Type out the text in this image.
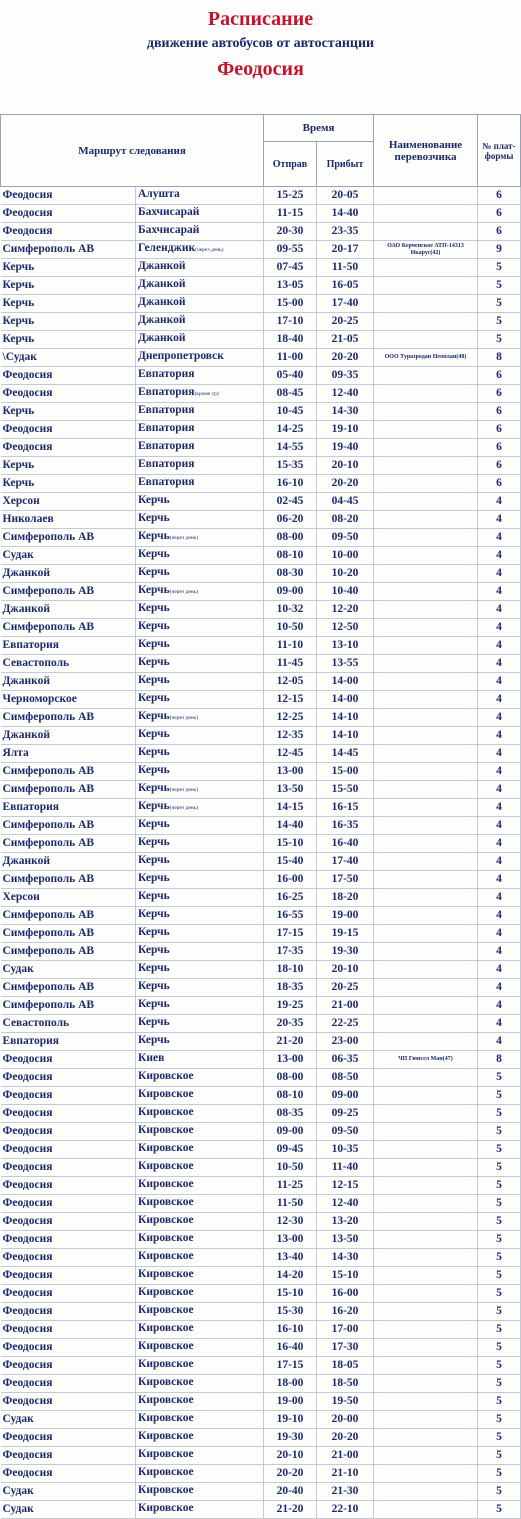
Расписание
движение автобусов от автостанции
Феодосия
Маршрут следования		Время		Наименование перевозчика	№ плат-формы
		Отправ	Прибыт		
Феодосия	Алушта	15-25	20-05		6
Феодосия	Бахчисарай	11-15	14-40		6
Феодосия	Бахчисарай	20-30	23-35		6
Симферополь АВ	Геленджик(через день)	09-55	20-17	ОАО Керченское АТП-14313 Икарус(42)	9
Керчь	Джанкой	07-45	11-50		5
Керчь	Джанкой	13-05	16-05		5
Керчь	Джанкой	15-00	17-40		5
Керчь	Джанкой	17-10	20-25		5
Керчь	Джанкой	18-40	21-05		5
\Судак	Днепропетровск	11-00	20-20	ООО Туразродан Неоплан(48)	8
Феодосия	Евпатория	05-40	09-35		6
Феодосия	Евпатория(кроме ср)	08-45	12-40		6
Керчь	Евпатория	10-45	14-30		6
Феодосия	Евпатория	14-25	19-10		6
Феодосия	Евпатория	14-55	19-40		6
Керчь	Евпатория	15-35	20-10		6
Керчь	Евпатория	16-10	20-20		6
Херсон	Керчь	02-45	04-45		4
Николаев	Керчь	06-20	08-20		4
Симферополь АВ	Керчь(через день)	08-00	09-50		4
Судак	Керчь	08-10	10-00		4
Джанкой	Керчь	08-30	10-20		4
Симферополь АВ	Керчь(через день)	09-00	10-40		4
Джанкой	Керчь	10-32	12-20		4
Симферополь АВ	Керчь	10-50	12-50		4
Евпатория	Керчь	11-10	13-10		4
Севастополь	Керчь	11-45	13-55		4
Джанкой	Керчь	12-05	14-00		4
Черноморское	Керчь	12-15	14-00		4
Симферополь АВ	Керчь(через день)	12-25	14-10		4
Джанкой	Керчь	12-35	14-10		4
Ялта	Керчь	12-45	14-45		4
Симферополь АВ	Керчь	13-00	15-00		4
Симферополь АВ	Керчь(через день)	13-50	15-50		4
Евпатория	Керчь(через день)	14-15	16-15		4
Симферополь АВ	Керчь	14-40	16-35		4
Симферополь АВ	Керчь	15-10	16-40		4
Джанкой	Керчь	15-40	17-40		4
Симферополь АВ	Керчь	16-00	17-50		4
Херсон	Керчь	16-25	18-20		4
Симферополь АВ	Керчь	16-55	19-00		4
Симферополь АВ	Керчь	17-15	19-15		4
Симферополь АВ	Керчь	17-35	19-30		4
Судак	Керчь	18-10	20-10		4
Симферополь АВ	Керчь	18-35	20-25		4
Симферополь АВ	Керчь	19-25	21-00		4
Севастополь	Керчь	20-35	22-25		4
Евпатория	Керчь	21-20	23-00		4
Феодосия	Киев	13-00	06-35	ЧП Гюнсел Ман(47)	8
Феодосия	Кировское	08-00	08-50		5
Феодосия	Кировское	08-10	09-00		5
Феодосия	Кировское	08-35	09-25		5
Феодосия	Кировское	09-00	09-50		5
Феодосия	Кировское	09-45	10-35		5
Феодосия	Кировское	10-50	11-40		5
Феодосия	Кировское	11-25	12-15		5
Феодосия	Кировское	11-50	12-40		5
Феодосия	Кировское	12-30	13-20		5
Феодосия	Кировское	13-00	13-50		5
Феодосия	Кировское	13-40	14-30		5
Феодосия	Кировское	14-20	15-10		5
Феодосия	Кировское	15-10	16-00		5
Феодосия	Кировское	15-30	16-20		5
Феодосия	Кировское	16-10	17-00		5
Феодосия	Кировское	16-40	17-30		5
Феодосия	Кировское	17-15	18-05		5
Феодосия	Кировское	18-00	18-50		5
Феодосия	Кировское	19-00	19-50		5
Судак	Кировское	19-10	20-00		5
Феодосия	Кировское	19-30	20-20		5
Феодосия	Кировское	20-10	21-00		5
Феодосия	Кировское	20-20	21-10		5
Судак	Кировское	20-40	21-30		5
Судак	Кировское	21-20	22-10		5
